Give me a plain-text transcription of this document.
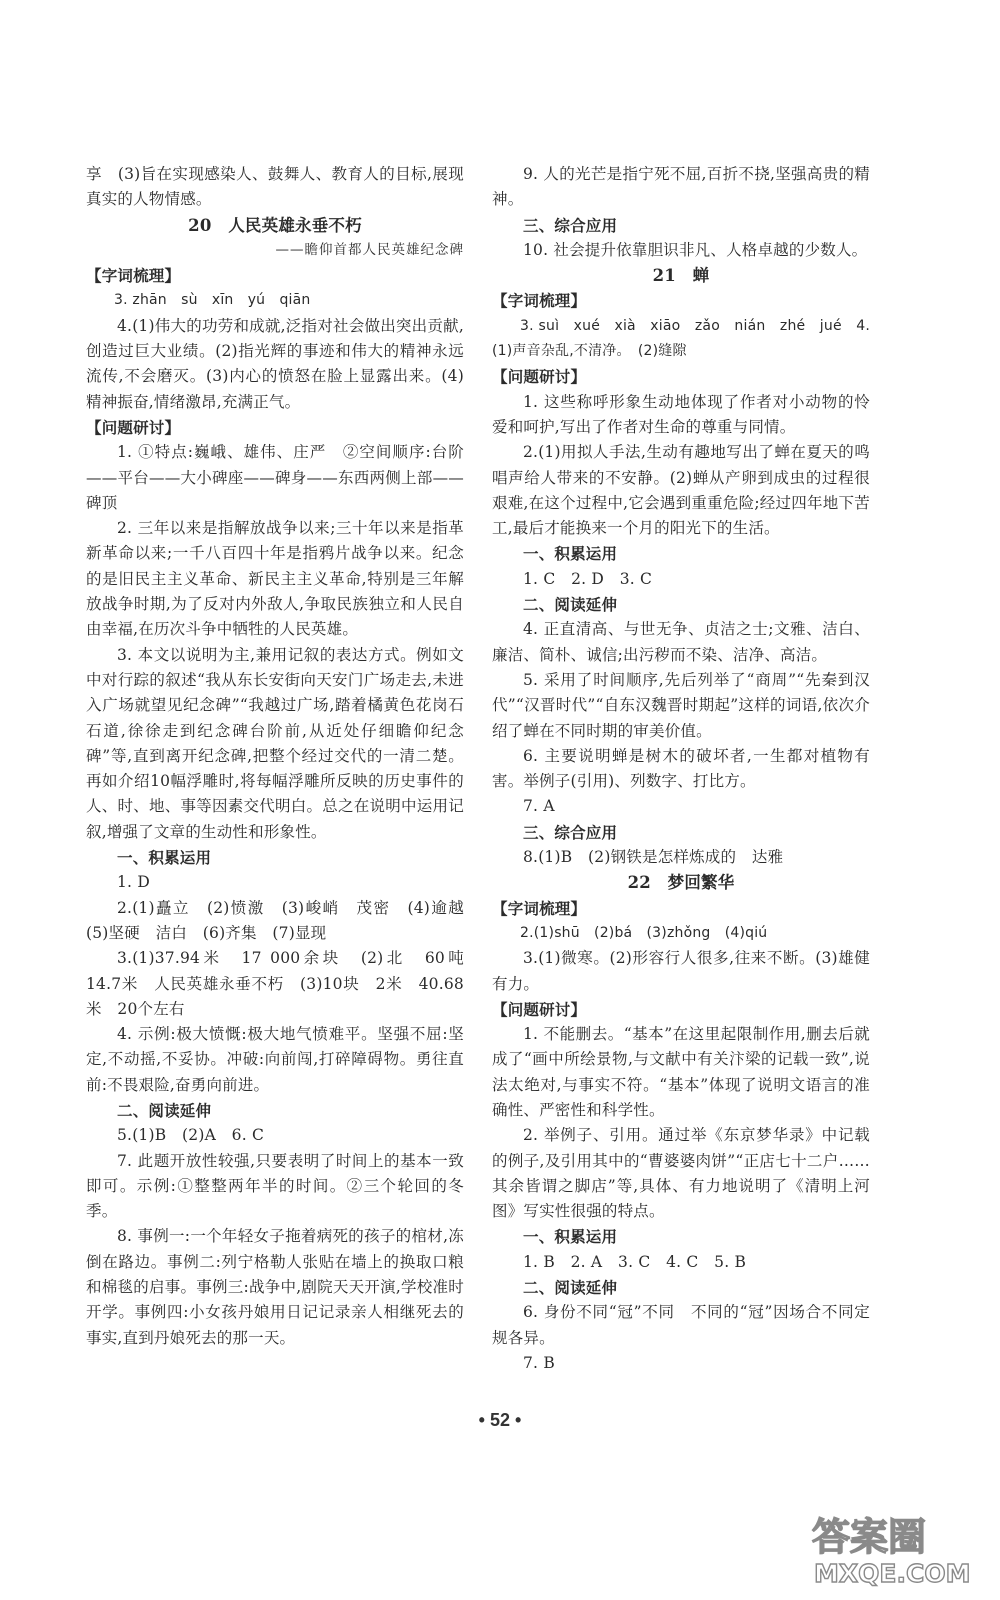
享　(3)旨在实现感染人、鼓舞人、教育人的目标,展现真实的人物情感。

20　人民英雄永垂不朽

——瞻仰首都人民英雄纪念碑

【字词梳理】

3. zhān　sù　xīn　yú　qiān

4.(1)伟大的功劳和成就,泛指对社会做出突出贡献,创造过巨大业绩。(2)指光辉的事迹和伟大的精神永远流传,不会磨灭。(3)内心的愤怒在脸上显露出来。(4)精神振奋,情绪激昂,充满正气。

【问题研讨】

1. ①特点:巍峨、雄伟、庄严　②空间顺序:台阶——平台——大小碑座——碑身——东西两侧上部——碑顶

2. 三年以来是指解放战争以来;三十年以来是指革新革命以来;一千八百四十年是指鸦片战争以来。纪念的是旧民主主义革命、新民主主义革命,特别是三年解放战争时期,为了反对内外敌人,争取民族独立和人民自由幸福,在历次斗争中牺牲的人民英雄。

3. 本文以说明为主,兼用记叙的表达方式。例如文中对行踪的叙述“我从东长安街向天安门广场走去,未进入广场就望见纪念碑”“我越过广场,踏着橘黄色花岗石石道,徐徐走到纪念碑台阶前,从近处仔细瞻仰纪念碑”等,直到离开纪念碑,把整个经过交代的一清二楚。再如介绍10幅浮雕时,将每幅浮雕所反映的历史事件的人、时、地、事等因素交代明白。总之在说明中运用记叙,增强了文章的生动性和形象性。

一、积累运用

1. D

2.(1)矗立　(2)愤激　(3)峻峭　茂密　(4)逾越　(5)坚硬　洁白　(6)齐集　(7)显现

3.(1)37.94米　17 000余块　(2)北　60吨　14.7米　人民英雄永垂不朽　(3)10块　2米　40.68米　20个左右

4. 示例:极大愤慨:极大地气愤难平。坚强不屈:坚定,不动摇,不妥协。冲破:向前闯,打碎障碍物。勇往直前:不畏艰险,奋勇向前进。

二、阅读延伸

5.(1)B　(2)A　6. C

7. 此题开放性较强,只要表明了时间上的基本一致即可。示例:①整整两年半的时间。②三个轮回的冬季。

8. 事例一:一个年轻女子拖着病死的孩子的棺材,冻倒在路边。事例二:列宁格勒人张贴在墙上的换取口粮和棉毯的启事。事例三:战争中,剧院天天开演,学校准时开学。事例四:小女孩丹娘用日记记录亲人相继死去的事实,直到丹娘死去的那一天。

9. 人的光芒是指宁死不屈,百折不挠,坚强高贵的精神。

三、综合应用

10. 社会提升依靠胆识非凡、人格卓越的少数人。

21　蝉

【字词梳理】

3. suì　xué　xià　xiāo　zǎo　nián　zhé　jué　4.(1)声音杂乱,不清净。　(2)缝隙

【问题研讨】

1. 这些称呼形象生动地体现了作者对小动物的怜爱和呵护,写出了作者对生命的尊重与同情。

2.(1)用拟人手法,生动有趣地写出了蝉在夏天的鸣唱声给人带来的不安静。(2)蝉从产卵到成虫的过程很艰难,在这个过程中,它会遇到重重危险;经过四年地下苦工,最后才能换来一个月的阳光下的生活。

一、积累运用

1. C　2. D　3. C

二、阅读延伸

4. 正直清高、与世无争、贞洁之士;文雅、洁白、廉洁、简朴、诚信;出污秽而不染、洁净、高洁。

5. 采用了时间顺序,先后列举了“商周”“先秦到汉代”“汉晋时代”“自东汉魏晋时期起”这样的词语,依次介绍了蝉在不同时期的审美价值。

6. 主要说明蝉是树木的破坏者,一生都对植物有害。举例子(引用)、列数字、打比方。

7. A

三、综合应用

8.(1)B　(2)钢铁是怎样炼成的　达雅

22　梦回繁华

【字词梳理】

2.(1)shū　(2)bá　(3)zhǒng　(4)qiú

3.(1)微寒。(2)形容行人很多,往来不断。(3)雄健有力。

【问题研讨】

1. 不能删去。“基本”在这里起限制作用,删去后就成了“画中所绘景物,与文献中有关汴梁的记载一致”,说法太绝对,与事实不符。“基本”体现了说明文语言的准确性、严密性和科学性。

2. 举例子、引用。通过举《东京梦华录》中记载的例子,及引用其中的“曹婆婆肉饼”“正店七十二户……其余皆谓之脚店”等,具体、有力地说明了《清明上河图》写实性很强的特点。

一、积累运用

1. B　2. A　3. C　4. C　5. B

二、阅读延伸

6. 身份不同“冠”不同　不同的“冠”因场合不同定规各异。

7. B

• 52 •
答案圈
MXQE.COM
